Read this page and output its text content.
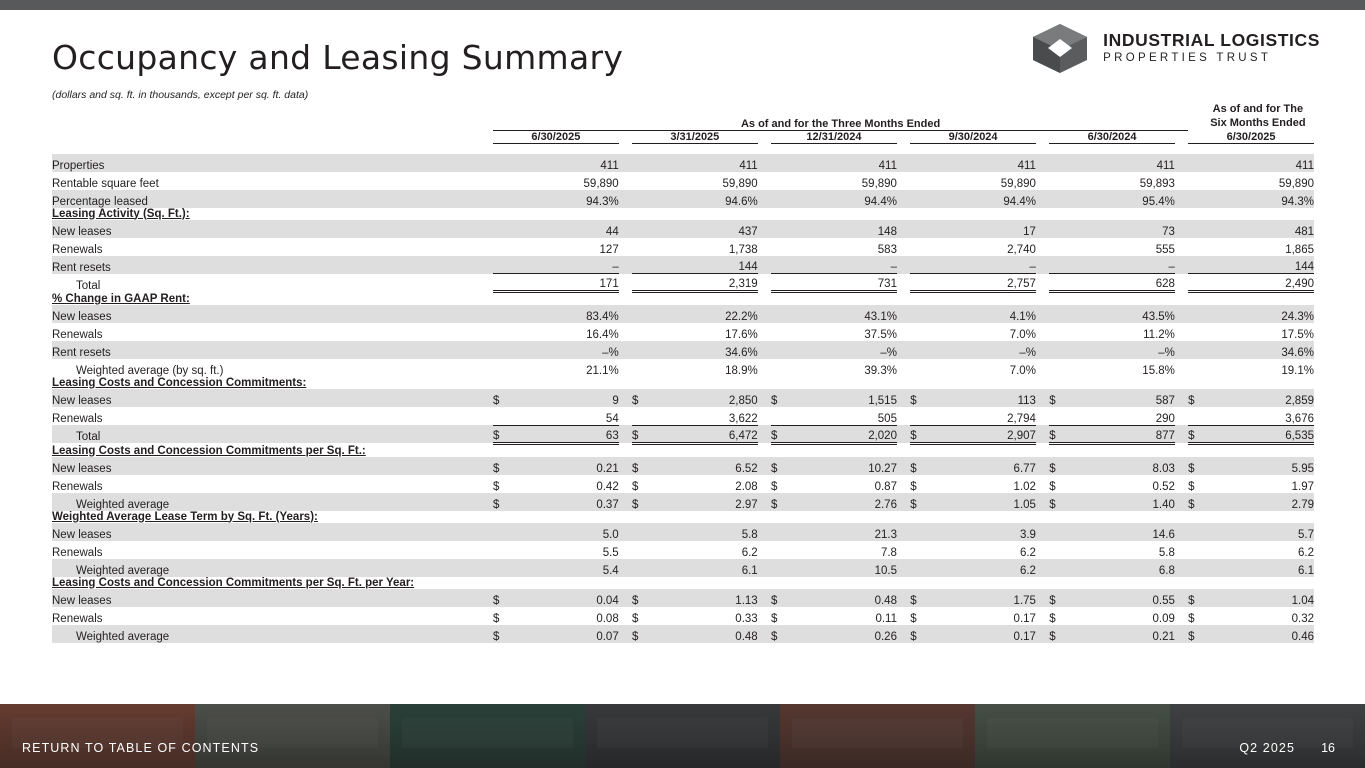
Occupancy and Leasing Summary
(dollars and sq. ft. in thousands, except per sq. ft. data)
INDUSTRIAL LOGISTICS
PROPERTIES TRUST
	As of and for the Three Months Ended																As of and for The
Six Months Ended
	6/30/2025			3/31/2025			12/31/2024			9/30/2024			6/30/2024			6/30/2025	

Properties		411			411			411			411			411			411
Rentable square feet		59,890			59,890			59,890			59,890			59,893			59,890
Percentage leased		94.3%			94.6%			94.4%			94.4%			95.4%			94.3%
Leasing Activity (Sq. Ft.):																	
New leases		44			437			148			17			73			481
Renewals		127			1,738			583			2,740			555			1,865
Rent resets		–			144			–			–			–			144
Total		171			2,319			731			2,757			628			2,490
% Change in GAAP Rent:																	
New leases		83.4%			22.2%			43.1%			4.1%			43.5%			24.3%
Renewals		16.4%			17.6%			37.5%			7.0%			11.2%			17.5%
Rent resets		–%			34.6%			–%			–%			–%			34.6%
Weighted average (by sq. ft.)		21.1%			18.9%			39.3%			7.0%			15.8%			19.1%
Leasing Costs and Concession Commitments:																	
New leases	$	9		$	2,850		$	1,515		$	113		$	587		$	2,859
Renewals		54			3,622			505			2,794			290			3,676
Total	$	63		$	6,472		$	2,020		$	2,907		$	877		$	6,535
Leasing Costs and Concession Commitments per Sq. Ft.:																	
New leases	$	0.21		$	6.52		$	10.27		$	6.77		$	8.03		$	5.95
Renewals	$	0.42		$	2.08		$	0.87		$	1.02		$	0.52		$	1.97
Weighted average	$	0.37		$	2.97		$	2.76		$	1.05		$	1.40		$	2.79
Weighted Average Lease Term by Sq. Ft. (Years):																	
New leases		5.0			5.8			21.3			3.9			14.6			5.7
Renewals		5.5			6.2			7.8			6.2			5.8			6.2
Weighted average		5.4			6.1			10.5			6.2			6.8			6.1
Leasing Costs and Concession Commitments per Sq. Ft. per Year:																	
New leases	$	0.04		$	1.13		$	0.48		$	1.75		$	0.55		$	1.04
Renewals	$	0.08		$	0.33		$	0.11		$	0.17		$	0.09		$	0.32
Weighted average	$	0.07		$	0.48		$	0.26		$	0.17		$	0.21		$	0.46
RETURN TO TABLE OF CONTENTS	Q2 2025 16
